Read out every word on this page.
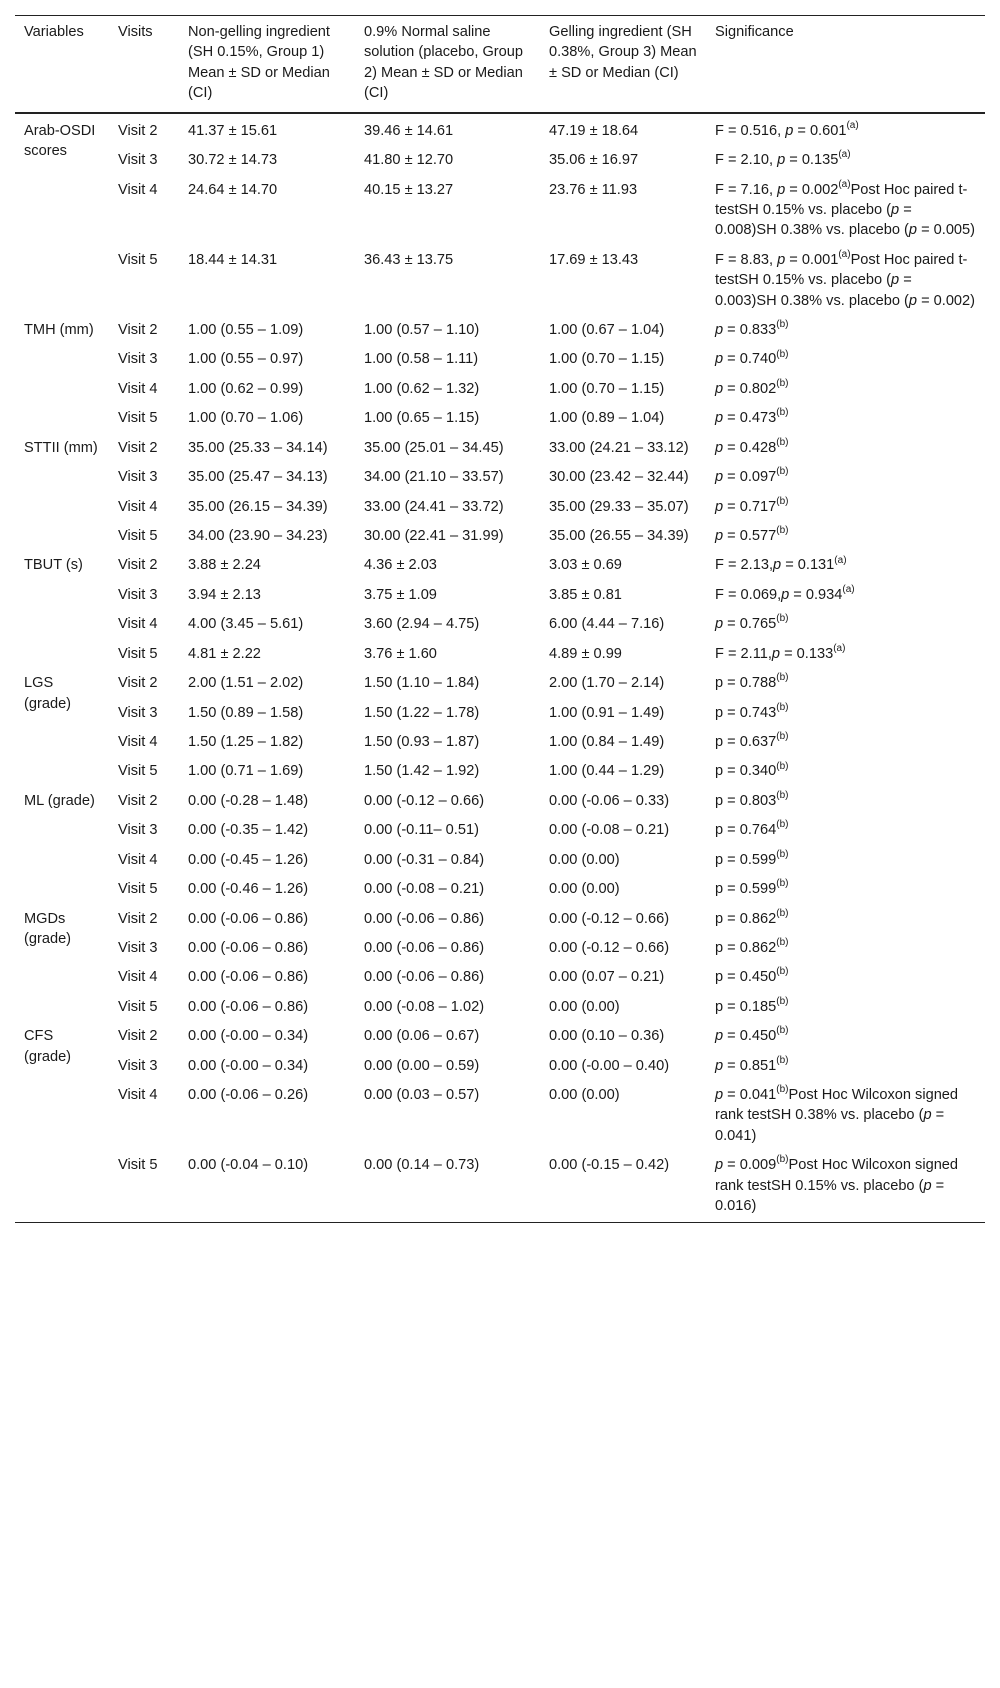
Variables	Visits	Non-gelling ingredient (SH 0.15%, Group 1) Mean ± SD or Median (CI)	0.9% Normal saline solution (placebo, Group 2) Mean ± SD or Median (CI)	Gelling ingredient (SH 0.38%, Group 3) Mean ± SD or Median (CI)	Significance
Arab-OSDI scores	Visit 2	41.37 ± 15.61	39.46 ± 14.61	47.19 ± 18.64	F = 0.516, $p = 0.601^{(a)}$
	Visit 3	30.72 ± 14.73	41.80 ± 12.70	35.06 ± 16.97	F = 2.10, $p = 0.135^{(a)}$
	Visit 4	24.64 ± 14.70	40.15 ± 13.27	23.76 ± 11.93	F = 7.16, $p = 0.002^{(a)}Post$ Hoc paired t- testSH 0.15% vs. placebo (p = 0.008)SH 0.38% vs. placebo (p = 0.005)
	Visit 5	18.44 ± 14.31	36.43 ± 13.75	17.69 ± 13.43	F = 8.83, $p = 0.001^{(a)}Post$ Hoc paired t- testSH 0.15% vs. placebo (p = 0.003)SH 0.38% vs. placebo (p = 0.002)
TMH (mm)	Visit 2	1.00 (0.55 – 1.09)	1.00 (0.57 – 1.10)	1.00 (0.67 – 1.04)	$p = 0.833^{(b)}$
	Visit 3	1.00 (0.55 – 0.97)	1.00 (0.58 – 1.11)	1.00 (0.70 – 1.15)	$p = 0.740^{(b)}$
	Visit 4	1.00 (0.62 – 0.99)	1.00 (0.62 – 1.32)	1.00 (0.70 – 1.15)	$p = 0.802^{(b)}$
	Visit 5	1.00 (0.70 – 1.06)	1.00 (0.65 – 1.15)	1.00 (0.89 – 1.04)	$p = 0.473^{(b)}$
STTII (mm)	Visit 2	35.00 (25.33 – 34.14)	35.00 (25.01 – 34.45)	33.00 (24.21 – 33.12)	$p = 0.428^{(b)}$
	Visit 3	35.00 (25.47 – 34.13)	34.00 (21.10 – 33.57)	30.00 (23.42 – 32.44)	$p = 0.097^{(b)}$
	Visit 4	35.00 (26.15 – 34.39)	33.00 (24.41 – 33.72)	35.00 (29.33 – 35.07)	$p = 0.717^{(b)}$
	Visit 5	34.00 (23.90 – 34.23)	30.00 (22.41 – 31.99)	35.00 (26.55 – 34.39)	$p = 0.577^{(b)}$
TBUT (s)	Visit 2	3.88 ± 2.24	4.36 ± 2.03	3.03 ± 0.69	$F = 2.13,p = 0.131^{(a)}$
	Visit 3	3.94 ± 2.13	3.75 ± 1.09	3.85 ± 0.81	$F = 0.069,p = 0.934^{(a)}$
	Visit 4	4.00 (3.45 – 5.61)	3.60 (2.94 – 4.75)	6.00 (4.44 – 7.16)	$p = 0.765^{(b)}$
	Visit 5	4.81 ± 2.22	3.76 ± 1.60	4.89 ± 0.99	$F = 2.11,p = 0.133^{(a)}$
LGS (grade)	Visit 2	2.00 (1.51 – 2.02)	1.50 (1.10 – 1.84)	2.00 (1.70 – 2.14)	$p = 0.788^{(b)}$
	Visit 3	1.50 (0.89 – 1.58)	1.50 (1.22 – 1.78)	1.00 (0.91 – 1.49)	$p = 0.743^{(b)}$
	Visit 4	1.50 (1.25 – 1.82)	1.50 (0.93 – 1.87)	1.00 (0.84 – 1.49)	$p = 0.637^{(b)}$
	Visit 5	1.00 (0.71 – 1.69)	1.50 (1.42 – 1.92)	1.00 (0.44 – 1.29)	$p = 0.340^{(b)}$
ML (grade)	Visit 2	0.00 (-0.28 – 1.48)	0.00 (-0.12 – 0.66)	0.00 (-0.06 – 0.33)	$p = 0.803^{(b)}$
	Visit 3	0.00 (-0.35 – 1.42)	0.00 (-0.11– 0.51)	0.00 (-0.08 – 0.21)	$p = 0.764^{(b)}$
	Visit 4	0.00 (-0.45 – 1.26)	0.00 (-0.31 – 0.84)	0.00 (0.00)	$p = 0.599^{(b)}$
	Visit 5	0.00 (-0.46 – 1.26)	0.00 (-0.08 – 0.21)	0.00 (0.00)	$p = 0.599^{(b)}$
MGDs (grade)	Visit 2	0.00 (-0.06 – 0.86)	0.00 (-0.06 – 0.86)	0.00 (-0.12 – 0.66)	$p = 0.862^{(b)}$
	Visit 3	0.00 (-0.06 – 0.86)	0.00 (-0.06 – 0.86)	0.00 (-0.12 – 0.66)	$p = 0.862^{(b)}$
	Visit 4	0.00 (-0.06 – 0.86)	0.00 (-0.06 – 0.86)	0.00 (0.07 – 0.21)	$p = 0.450^{(b)}$
	Visit 5	0.00 (-0.06 – 0.86)	0.00 (-0.08 – 1.02)	0.00 (0.00)	$p = 0.185^{(b)}$
CFS (grade)	Visit 2	0.00 (-0.00 – 0.34)	0.00 (0.06 – 0.67)	0.00 (0.10 – 0.36)	$p = 0.450^{(b)}$
	Visit 3	0.00 (-0.00 – 0.34)	0.00 (0.00 – 0.59)	0.00 (-0.00 – 0.40)	$p = 0.851^{(b)}$
	Visit 4	0.00 (-0.06 – 0.26)	0.00 (0.03 – 0.57)	0.00 (0.00)	$p = 0.041^{(b)}Post$ Hoc Wilcoxon signed rank testSH 0.38% vs. placebo (p = 0.041)
	Visit 5	0.00 (-0.04 – 0.10)	0.00 (0.14 – 0.73)	0.00 (-0.15 – 0.42)	$p = 0.009^{(b)}Post$ Hoc Wilcoxon signed rank testSH 0.15% vs. placebo (p = 0.016)
